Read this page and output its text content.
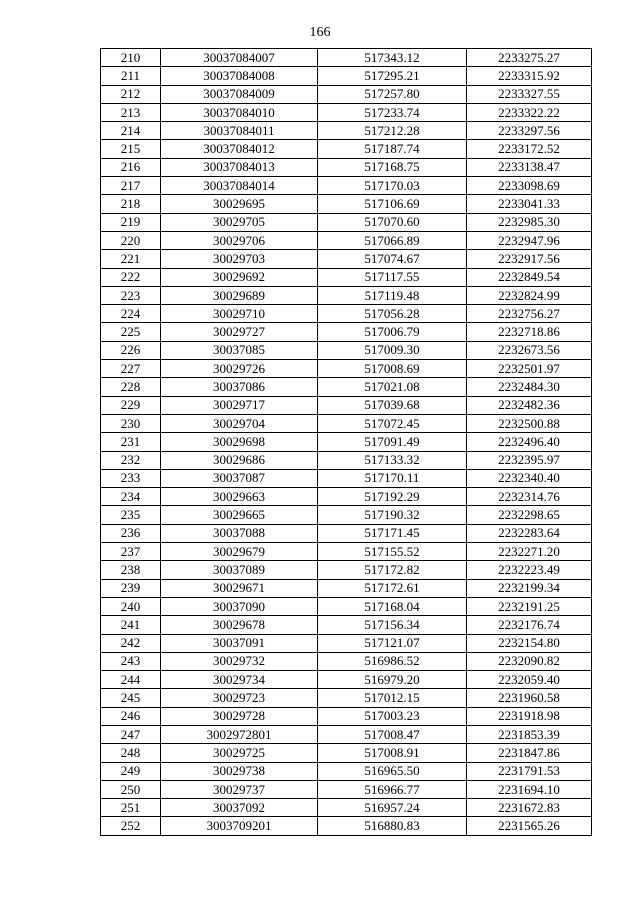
166
210	30037084007	517343.12	2233275.27
211	30037084008	517295.21	2233315.92
212	30037084009	517257.80	2233327.55
213	30037084010	517233.74	2233322.22
214	30037084011	517212.28	2233297.56
215	30037084012	517187.74	2233172.52
216	30037084013	517168.75	2233138.47
217	30037084014	517170.03	2233098.69
218	30029695	517106.69	2233041.33
219	30029705	517070.60	2232985.30
220	30029706	517066.89	2232947.96
221	30029703	517074.67	2232917.56
222	30029692	517117.55	2232849.54
223	30029689	517119.48	2232824.99
224	30029710	517056.28	2232756.27
225	30029727	517006.79	2232718.86
226	30037085	517009.30	2232673.56
227	30029726	517008.69	2232501.97
228	30037086	517021.08	2232484.30
229	30029717	517039.68	2232482.36
230	30029704	517072.45	2232500.88
231	30029698	517091.49	2232496.40
232	30029686	517133.32	2232395.97
233	30037087	517170.11	2232340.40
234	30029663	517192.29	2232314.76
235	30029665	517190.32	2232298.65
236	30037088	517171.45	2232283.64
237	30029679	517155.52	2232271.20
238	30037089	517172.82	2232223.49
239	30029671	517172.61	2232199.34
240	30037090	517168.04	2232191.25
241	30029678	517156.34	2232176.74
242	30037091	517121.07	2232154.80
243	30029732	516986.52	2232090.82
244	30029734	516979.20	2232059.40
245	30029723	517012.15	2231960.58
246	30029728	517003.23	2231918.98
247	3002972801	517008.47	2231853.39
248	30029725	517008.91	2231847.86
249	30029738	516965.50	2231791.53
250	30029737	516966.77	2231694.10
251	30037092	516957.24	2231672.83
252	3003709201	516880.83	2231565.26
